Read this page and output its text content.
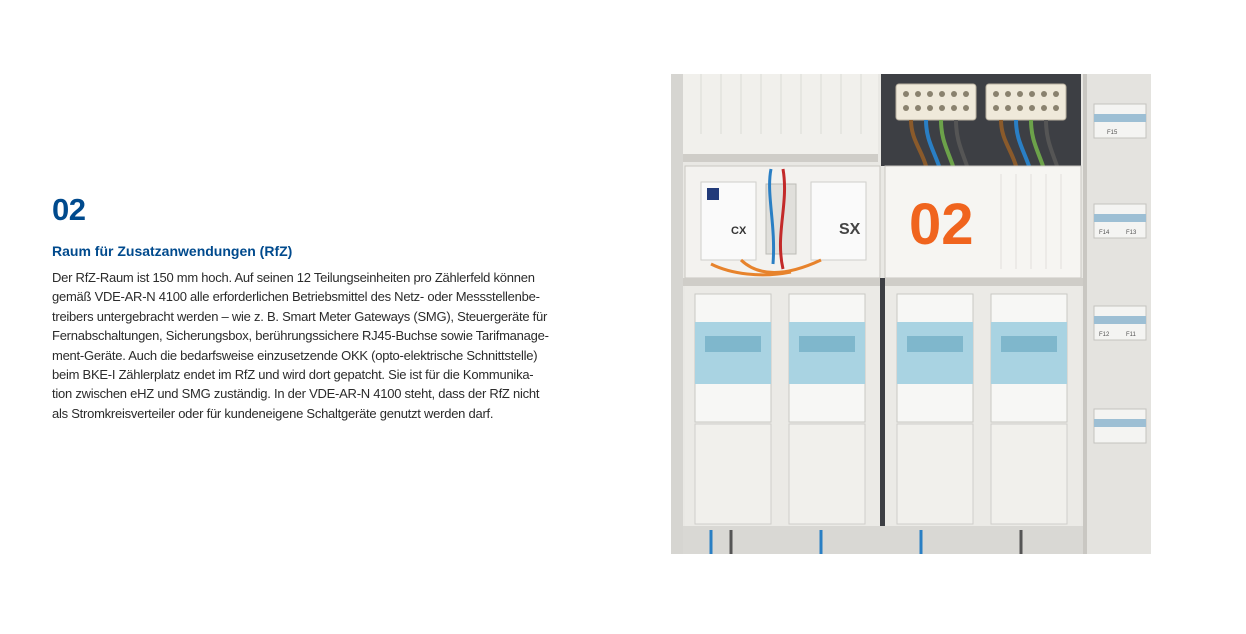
02
Raum für Zusatzanwendungen (RfZ)

Der RfZ-Raum ist 150 mm hoch. Auf seinen 12 Teilungseinheiten pro Zählerfeld können
gemäß VDE-AR-N 4100 alle erforderlichen Betriebsmittel des Netz- oder Messstellenbe-
treibers untergebracht werden – wie z. B. Smart Meter Gateways (SMG), Steuergeräte für
Fernabschaltungen, Sicherungsbox, berührungssichere RJ45-Buchse sowie Tarifmanage-
ment-Geräte. Auch die bedarfsweise einzusetzende OKK (opto-elektrische Schnittstelle)
beim BKE-I Zählerplatz endet im RfZ und wird dort gepatcht. Sie ist für die Kommunika-
tion zwischen eHZ und SMG zuständig. In der VDE-AR-N 4100 steht, dass der RfZ nicht
als Stromkreisverteiler oder für kundeneigene Schaltgeräte genutzt werden darf.

F15
F14	F13
F12	F11
CX	SX 02
